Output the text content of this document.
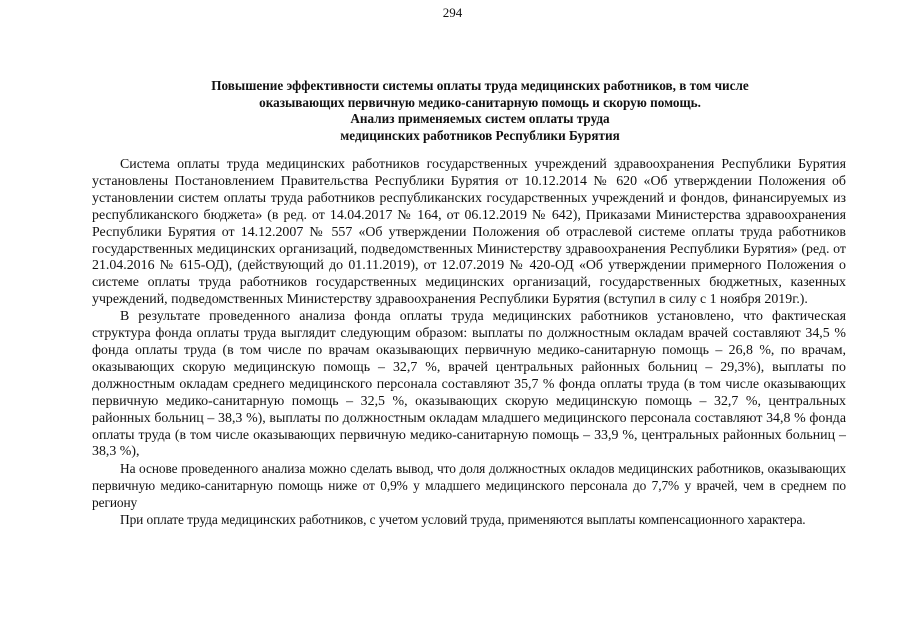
294
Повышение эффективности системы оплаты труда медицинских работников, в том числе
оказывающих первичную медико-санитарную помощь и скорую помощь.
Анализ применяемых систем оплаты труда
медицинских работников Республики Бурятия

Система оплаты труда медицинских работников государственных учреждений здравоохранения Республики Бурятия установлены Постановлением Правительства Республики Бурятия от 10.12.2014 № 620 «Об утверждении Положения об установлении систем оплаты труда работников республиканских государственных учреждений и фондов, финансируемых из республиканского бюджета» (в ред. от 14.04.2017 № 164, от 06.12.2019 № 642), Приказами Министерства здравоохранения Республики Бурятия от 14.12.2007 № 557 «Об утверждении Положения об отраслевой системе оплаты труда работников государственных медицинских организаций, подведомственных Министерству здравоохранения Республики Бурятия» (ред. от 21.04.2016 № 615-ОД), (действующий до 01.11.2019), от 12.07.2019 № 420-ОД «Об утверждении примерного Положения о системе оплаты труда работников государственных медицинских организаций, государственных бюджетных, казенных учреждений, подведомственных Министерству здравоохранения Республики Бурятия (вступил в силу с 1 ноября 2019г.).

В результате проведенного анализа фонда оплаты труда медицинских работников установлено, что фактическая структура фонда оплаты труда выглядит следующим образом: выплаты по должностным окладам врачей составляют 34,5 % фонда оплаты труда (в том числе по врачам оказывающих первичную медико-санитарную помощь – 26,8 %, по врачам, оказывающих скорую медицинскую помощь – 32,7 %, врачей центральных районных больниц – 29,3%), выплаты по должностным окладам среднего медицинского персонала составляют 35,7 % фонда оплаты труда (в том числе оказывающих первичную медико-санитарную помощь – 32,5 %, оказывающих скорую медицинскую помощь – 32,7 %, центральных районных больниц – 38,3 %), выплаты по должностным окладам младшего медицинского персонала составляют 34,8 % фонда оплаты труда (в том числе оказывающих первичную медико-санитарную помощь – 33,9 %, центральных районных больниц – 38,3 %),

На основе проведенного анализа можно сделать вывод, что доля должностных окладов медицинских работников, оказывающих первичную медико-санитарную помощь ниже от 0,9% у младшего медицинского персонала до 7,7% у врачей, чем в среднем по региону

При оплате труда медицинских работников, с учетом условий труда, применяются выплаты компенсационного характера.
